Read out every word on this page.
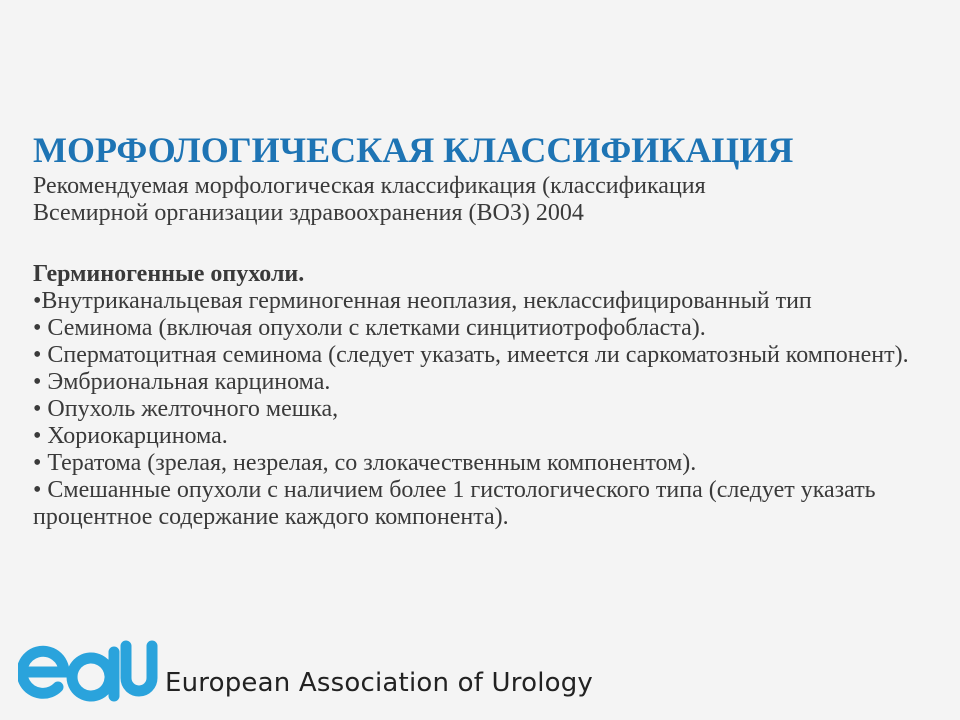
МОРФОЛОГИЧЕСКАЯ КЛАССИФИКАЦИЯ

Рекомендуемая морфологическая классификация (классификация

Всемирной организации здравоохранения (ВОЗ) 2004

Герминогенные опухоли.

•Внутриканальцевая герминогенная неоплазия, неклассифицированный тип
• Семинома (включая опухоли с клетками синцитиотрофобласта).
• Сперматоцитная семинома (следует указать, имеется ли саркоматозный компонент).
• Эмбриональная карцинома.
• Опухоль желточного мешка,
• Хориокарцинома.
• Тератома (зрелая, незрелая, со злокачественным компонентом).
• Смешанные опухоли с наличием более 1 гистологического типа (следует указать процентное содержание каждого компонента).
European Association of Urology
